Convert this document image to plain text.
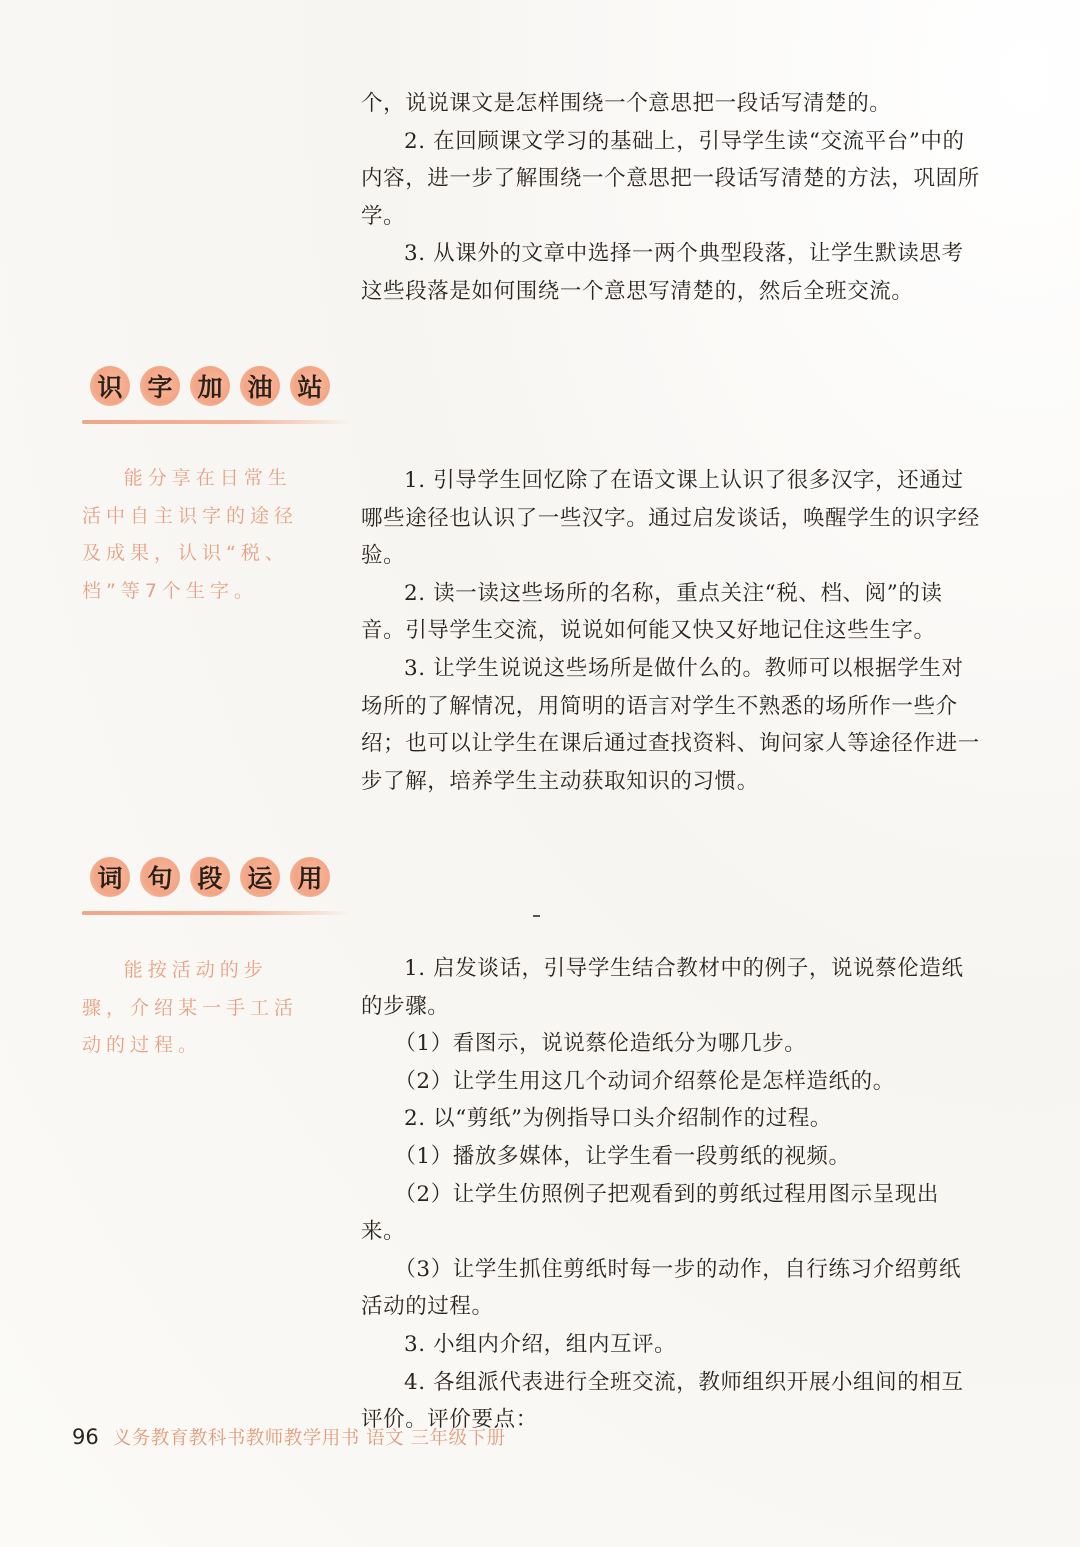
个，说说课文是怎样围绕一个意思把一段话写清楚的。

2. 在回顾课文学习的基础上，引导学生读“交流平台”中的内容，进一步了解围绕一个意思把一段话写清楚的方法，巩固所学。

3. 从课外的文章中选择一两个典型段落，让学生默读思考这些段落是如何围绕一个意思写清楚的，然后全班交流。

识 字 加 油 站
能分享在日常生活中自主识字的途径及成果，认识“税、档”等7个生字。

1. 引导学生回忆除了在语文课上认识了很多汉字，还通过哪些途径也认识了一些汉字。通过启发谈话，唤醒学生的识字经验。

2. 读一读这些场所的名称，重点关注“税、档、阅”的读音。引导学生交流，说说如何能又快又好地记住这些生字。

3. 让学生说说这些场所是做什么的。教师可以根据学生对场所的了解情况，用简明的语言对学生不熟悉的场所作一些介绍；也可以让学生在课后通过查找资料、询问家人等途径作进一步了解，培养学生主动获取知识的习惯。

词 句 段 运 用
能按活动的步骤，介绍某一手工活动的过程。

1. 启发谈话，引导学生结合教材中的例子，说说蔡伦造纸的步骤。

（1）看图示，说说蔡伦造纸分为哪几步。

（2）让学生用这几个动词介绍蔡伦是怎样造纸的。

2. 以“剪纸”为例指导口头介绍制作的过程。

（1）播放多媒体，让学生看一段剪纸的视频。

（2）让学生仿照例子把观看到的剪纸过程用图示呈现出来。

（3）让学生抓住剪纸时每一步的动作，自行练习介绍剪纸活动的过程。

3. 小组内介绍，组内互评。

4. 各组派代表进行全班交流，教师组织开展小组间的相互评价。评价要点：

96 义务教育教科书教师教学用书 语文 三年级下册
